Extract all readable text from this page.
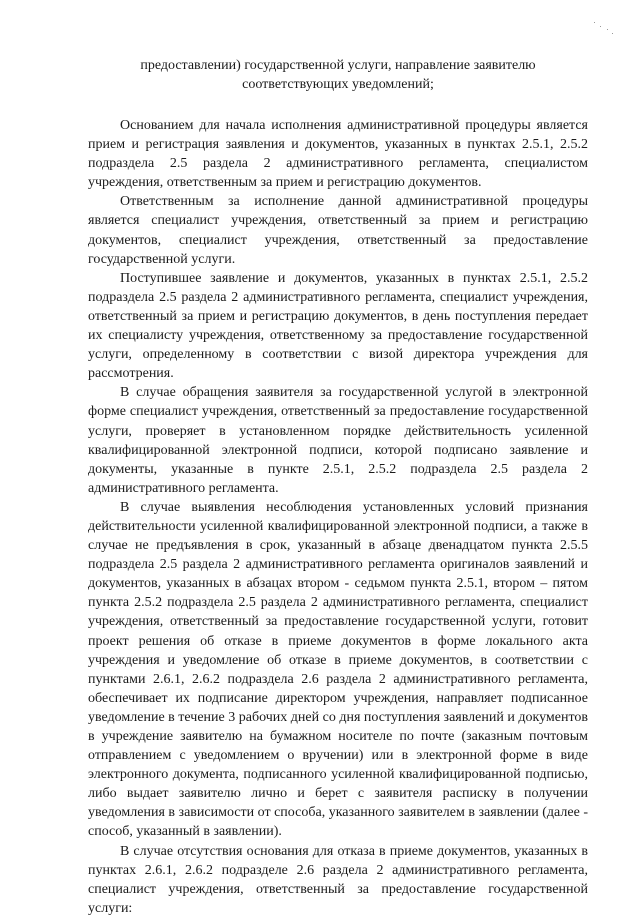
предоставлении) государственной услуги, направление заявителю
соответствующих уведомлений;

Основанием для начала исполнения административной процедуры является прием и регистрация заявления и документов, указанных в пунктах 2.5.1, 2.5.2 подраздела 2.5 раздела 2 административного регламента, специалистом учреждения, ответственным за прием и регистрацию документов.

Ответственным за исполнение данной административной процедуры является специалист учреждения, ответственный за прием и регистрацию документов, специалист учреждения, ответственный за предоставление государственной услуги.

Поступившее заявление и документов, указанных в пунктах 2.5.1, 2.5.2 подраздела 2.5 раздела 2 административного регламента, специалист учреждения, ответственный за прием и регистрацию документов, в день поступления передает их специалисту учреждения, ответственному за предоставление государственной услуги, определенному в соответствии с визой директора учреждения для рассмотрения.

В случае обращения заявителя за государственной услугой в электронной форме специалист учреждения, ответственный за предоставление государственной услуги, проверяет в установленном порядке действительность усиленной квалифицированной электронной подписи, которой подписано заявление и документы, указанные в пункте 2.5.1, 2.5.2 подраздела 2.5 раздела 2 административного регламента.

В случае выявления несоблюдения установленных условий признания действительности усиленной квалифицированной электронной подписи, а также в случае не предъявления в срок, указанный в абзаце двенадцатом пункта 2.5.5 подраздела 2.5 раздела 2 административного регламента оригиналов заявлений и документов, указанных в абзацах втором - седьмом пункта 2.5.1, втором – пятом пункта 2.5.2 подраздела 2.5 раздела 2 административного регламента, специалист учреждения, ответственный за предоставление государственной услуги, готовит проект решения об отказе в приеме документов в форме локального акта учреждения и уведомление об отказе в приеме документов, в соответствии с пунктами 2.6.1, 2.6.2 подраздела 2.6 раздела 2 административного регламента, обеспечивает их подписание директором учреждения, направляет подписанное уведомление в течение 3 рабочих дней со дня поступления заявлений и документов в учреждение заявителю на бумажном носителе по почте (заказным почтовым отправлением с уведомлением о вручении) или в электронной форме в виде электронного документа, подписанного усиленной квалифицированной подписью, либо выдает заявителю лично и берет с заявителя расписку в получении уведомления в зависимости от способа, указанного заявителем в заявлении (далее - способ, указанный в заявлении).

В случае отсутствия основания для отказа в приеме документов, указанных в пунктах 2.6.1, 2.6.2 подразделе 2.6 раздела 2 административного регламента, специалист учреждения, ответственный за предоставление государственной услуги:
